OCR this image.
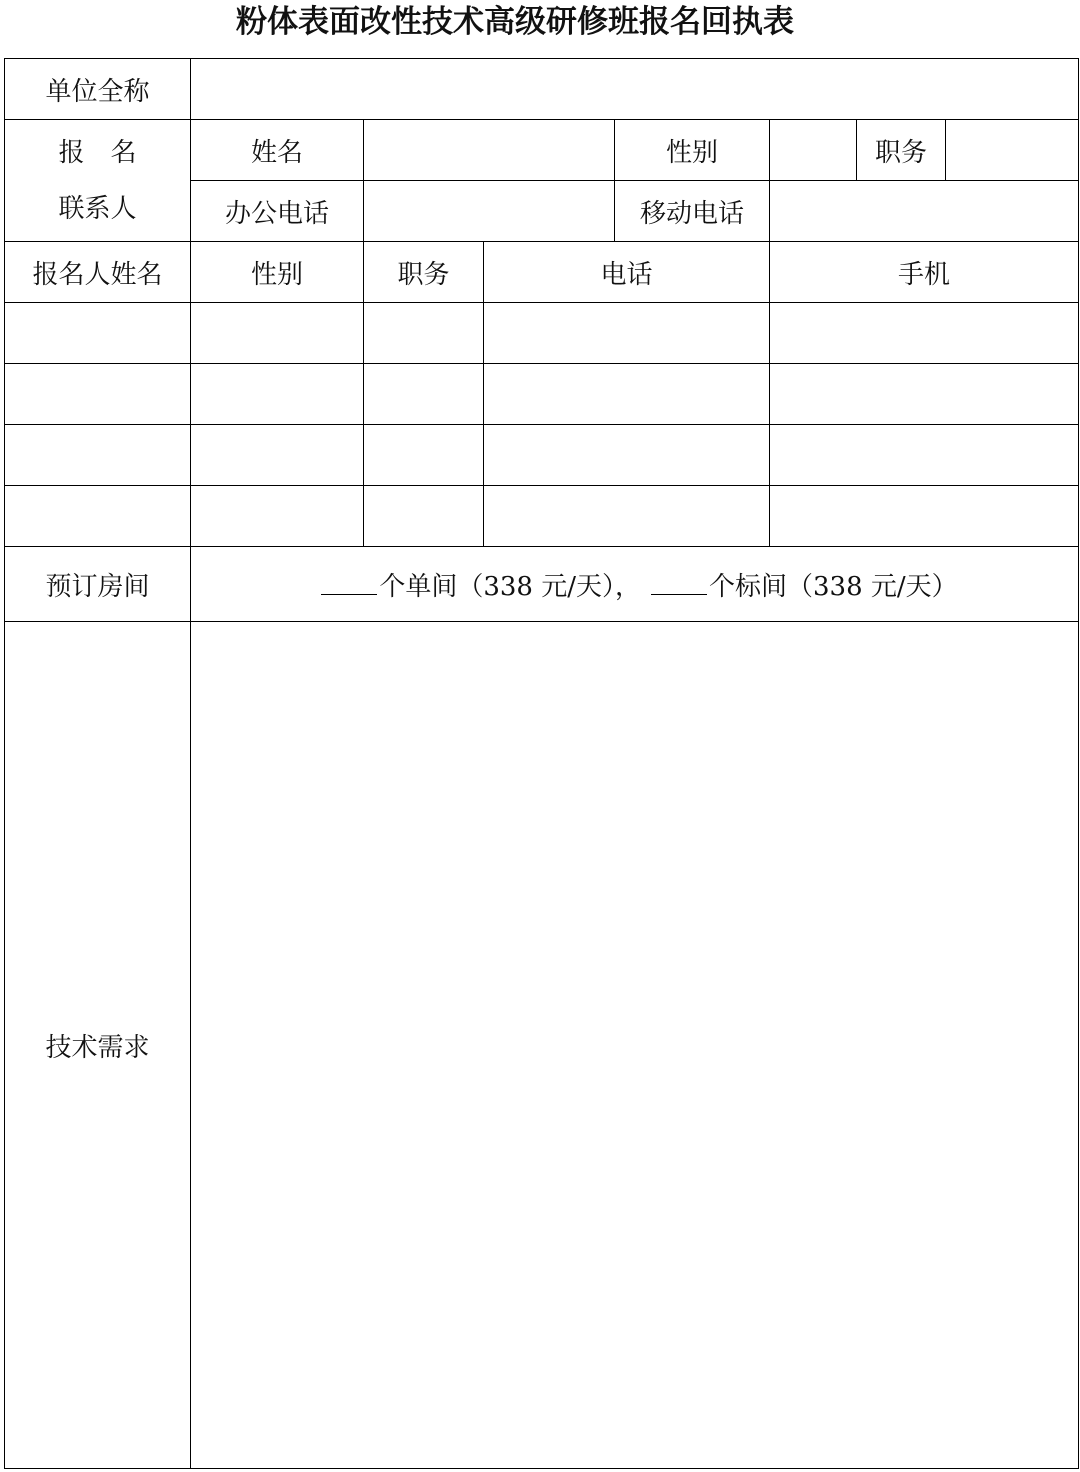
粉体表面改性技术高级研修班报名回执表
单位全称							

报　名
联系人	姓名			性别		职务	
	办公电话			移动电话			
报名人姓名	性别	职务	电话		手机		

预订房间	个单间（338 元/天）， 个标间（338 元/天）						
技术需求							
